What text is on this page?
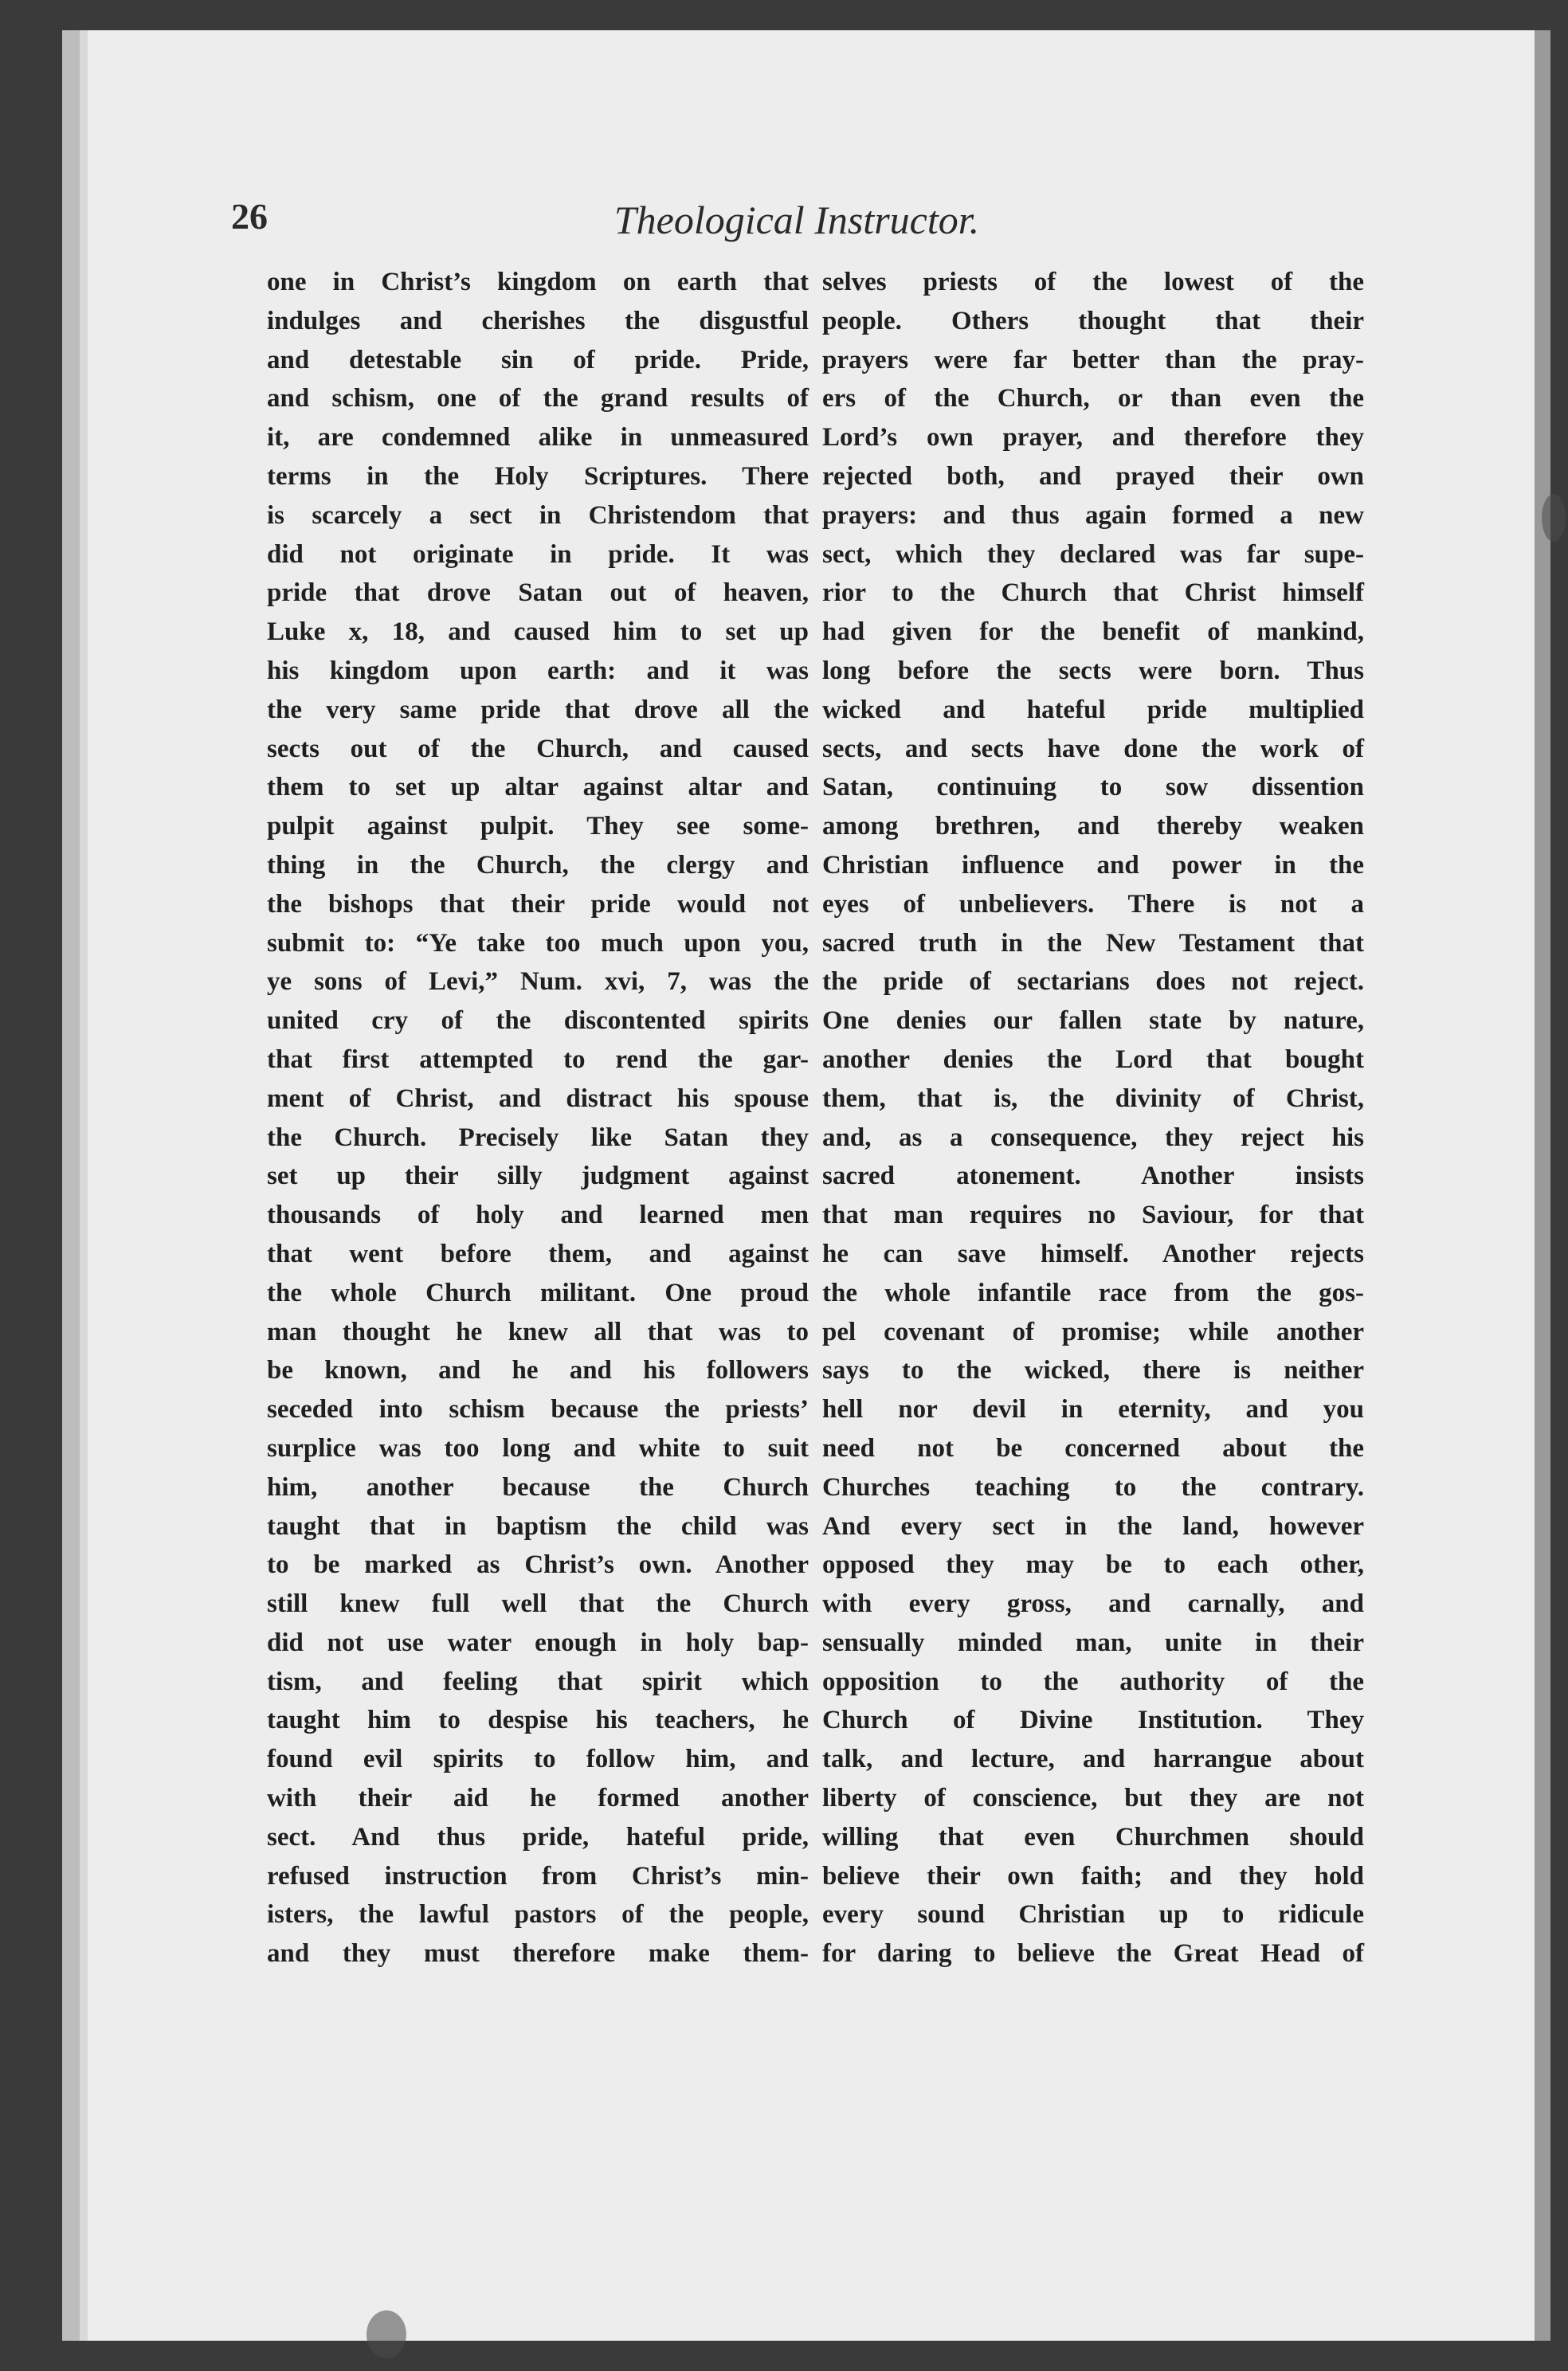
26	Theological Instructor.
one in Christ’s kingdom on earth that
indulges and cherishes the disgustful
and detestable sin of pride. Pride,
and schism, one of the grand results of
it, are condemned alike in unmeasured
terms in the Holy Scriptures. There
is scarcely a sect in Christendom that
did not originate in pride. It was
pride that drove Satan out of heaven,
Luke x, 18, and caused him to set up
his kingdom upon earth: and it was
the very same pride that drove all the
sects out of the Church, and caused
them to set up altar against altar and
pulpit against pulpit. They see some-
thing in the Church, the clergy and
the bishops that their pride would not
submit to: “Ye take too much upon you,
ye sons of Levi,” Num. xvi, 7, was the
united cry of the discontented spirits
that first attempted to rend the gar-
ment of Christ, and distract his spouse
the Church. Precisely like Satan they
set up their silly judgment against
thousands of holy and learned men
that went before them, and against
the whole Church militant. One proud
man thought he knew all that was to
be known, and he and his followers
seceded into schism because the priests’
surplice was too long and white to suit
him, another because the Church
taught that in baptism the child was
to be marked as Christ’s own. Another
still knew full well that the Church
did not use water enough in holy bap-
tism, and feeling that spirit which
taught him to despise his teachers, he
found evil spirits to follow him, and
with their aid he formed another
sect. And thus pride, hateful pride,
refused instruction from Christ’s min-
isters, the lawful pastors of the people,
and they must therefore make them-
selves priests of the lowest of the
people. Others thought that their
prayers were far better than the pray-
ers of the Church, or than even the
Lord’s own prayer, and therefore they
rejected both, and prayed their own
prayers: and thus again formed a new
sect, which they declared was far supe-
rior to the Church that Christ himself
had given for the benefit of mankind,
long before the sects were born. Thus
wicked and hateful pride multiplied
sects, and sects have done the work of
Satan, continuing to sow dissention
among brethren, and thereby weaken
Christian influence and power in the
eyes of unbelievers. There is not a
sacred truth in the New Testament that
the pride of sectarians does not reject.
One denies our fallen state by nature,
another denies the Lord that bought
them, that is, the divinity of Christ,
and, as a consequence, they reject his
sacred atonement. Another insists
that man requires no Saviour, for that
he can save himself. Another rejects
the whole infantile race from the gos-
pel covenant of promise; while another
says to the wicked, there is neither
hell nor devil in eternity, and you
need not be concerned about the
Churches teaching to the contrary.
And every sect in the land, however
opposed they may be to each other,
with every gross, and carnally, and
sensually minded man, unite in their
opposition to the authority of the
Church of Divine Institution. They
talk, and lecture, and harrangue about
liberty of conscience, but they are not
willing that even Churchmen should
believe their own faith; and they hold
every sound Christian up to ridicule
for daring to believe the Great Head of
